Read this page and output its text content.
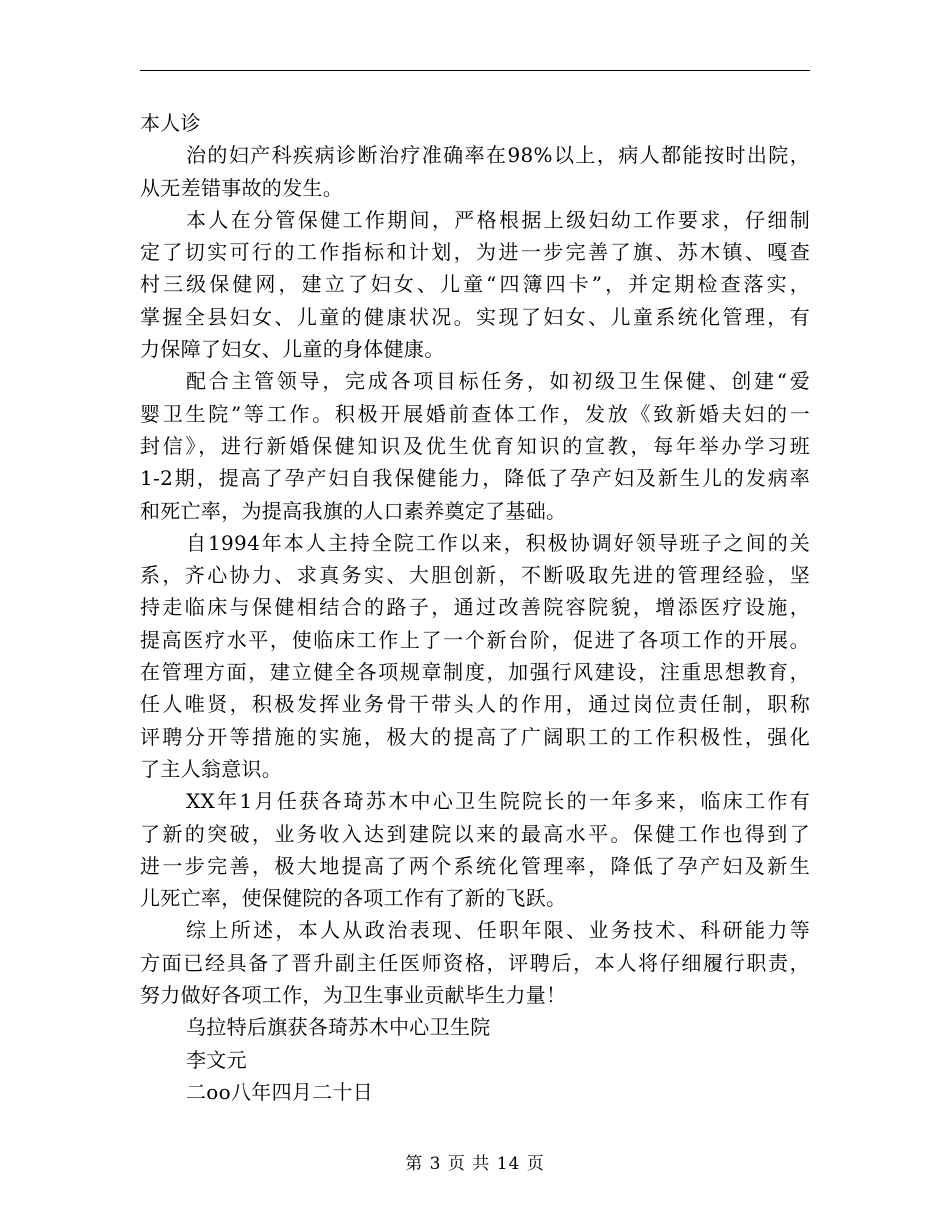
本人诊
治的妇产科疾病诊断治疗准确率在98%以上，病人都能按时出院，
从无差错事故的发生。
本人在分管保健工作期间，严格根据上级妇幼工作要求，仔细制
定了切实可行的工作指标和计划，为进一步完善了旗、苏木镇、嘎查
村三级保健网，建立了妇女、儿童“四簿四卡”，并定期检查落实，
掌握全县妇女、儿童的健康状况。实现了妇女、儿童系统化管理，有
力保障了妇女、儿童的身体健康。
配合主管领导，完成各项目标任务，如初级卫生保健、创建“爱
婴卫生院”等工作。积极开展婚前查体工作，发放《致新婚夫妇的一
封信》，进行新婚保健知识及优生优育知识的宣教，每年举办学习班
1-2期，提高了孕产妇自我保健能力，降低了孕产妇及新生儿的发病率
和死亡率，为提高我旗的人口素养奠定了基础。
自1994年本人主持全院工作以来，积极协调好领导班子之间的关
系，齐心协力、求真务实、大胆创新，不断吸取先进的管理经验，坚
持走临床与保健相结合的路子，通过改善院容院貌，增添医疗设施，
提高医疗水平，使临床工作上了一个新台阶，促进了各项工作的开展。
在管理方面，建立健全各项规章制度，加强行风建设，注重思想教育，
任人唯贤，积极发挥业务骨干带头人的作用，通过岗位责任制，职称
评聘分开等措施的实施，极大的提高了广阔职工的工作积极性，强化
了主人翁意识。
XX年1月任获各琦苏木中心卫生院院长的一年多来，临床工作有
了新的突破，业务收入达到建院以来的最高水平。保健工作也得到了
进一步完善，极大地提高了两个系统化管理率，降低了孕产妇及新生
儿死亡率，使保健院的各项工作有了新的飞跃。
综上所述，本人从政治表现、任职年限、业务技术、科研能力等
方面已经具备了晋升副主任医师资格，评聘后，本人将仔细履行职责，
努力做好各项工作，为卫生事业贡献毕生力量！
乌拉特后旗获各琦苏木中心卫生院
李文元
二oo八年四月二十日
第 3 页 共 14 页
